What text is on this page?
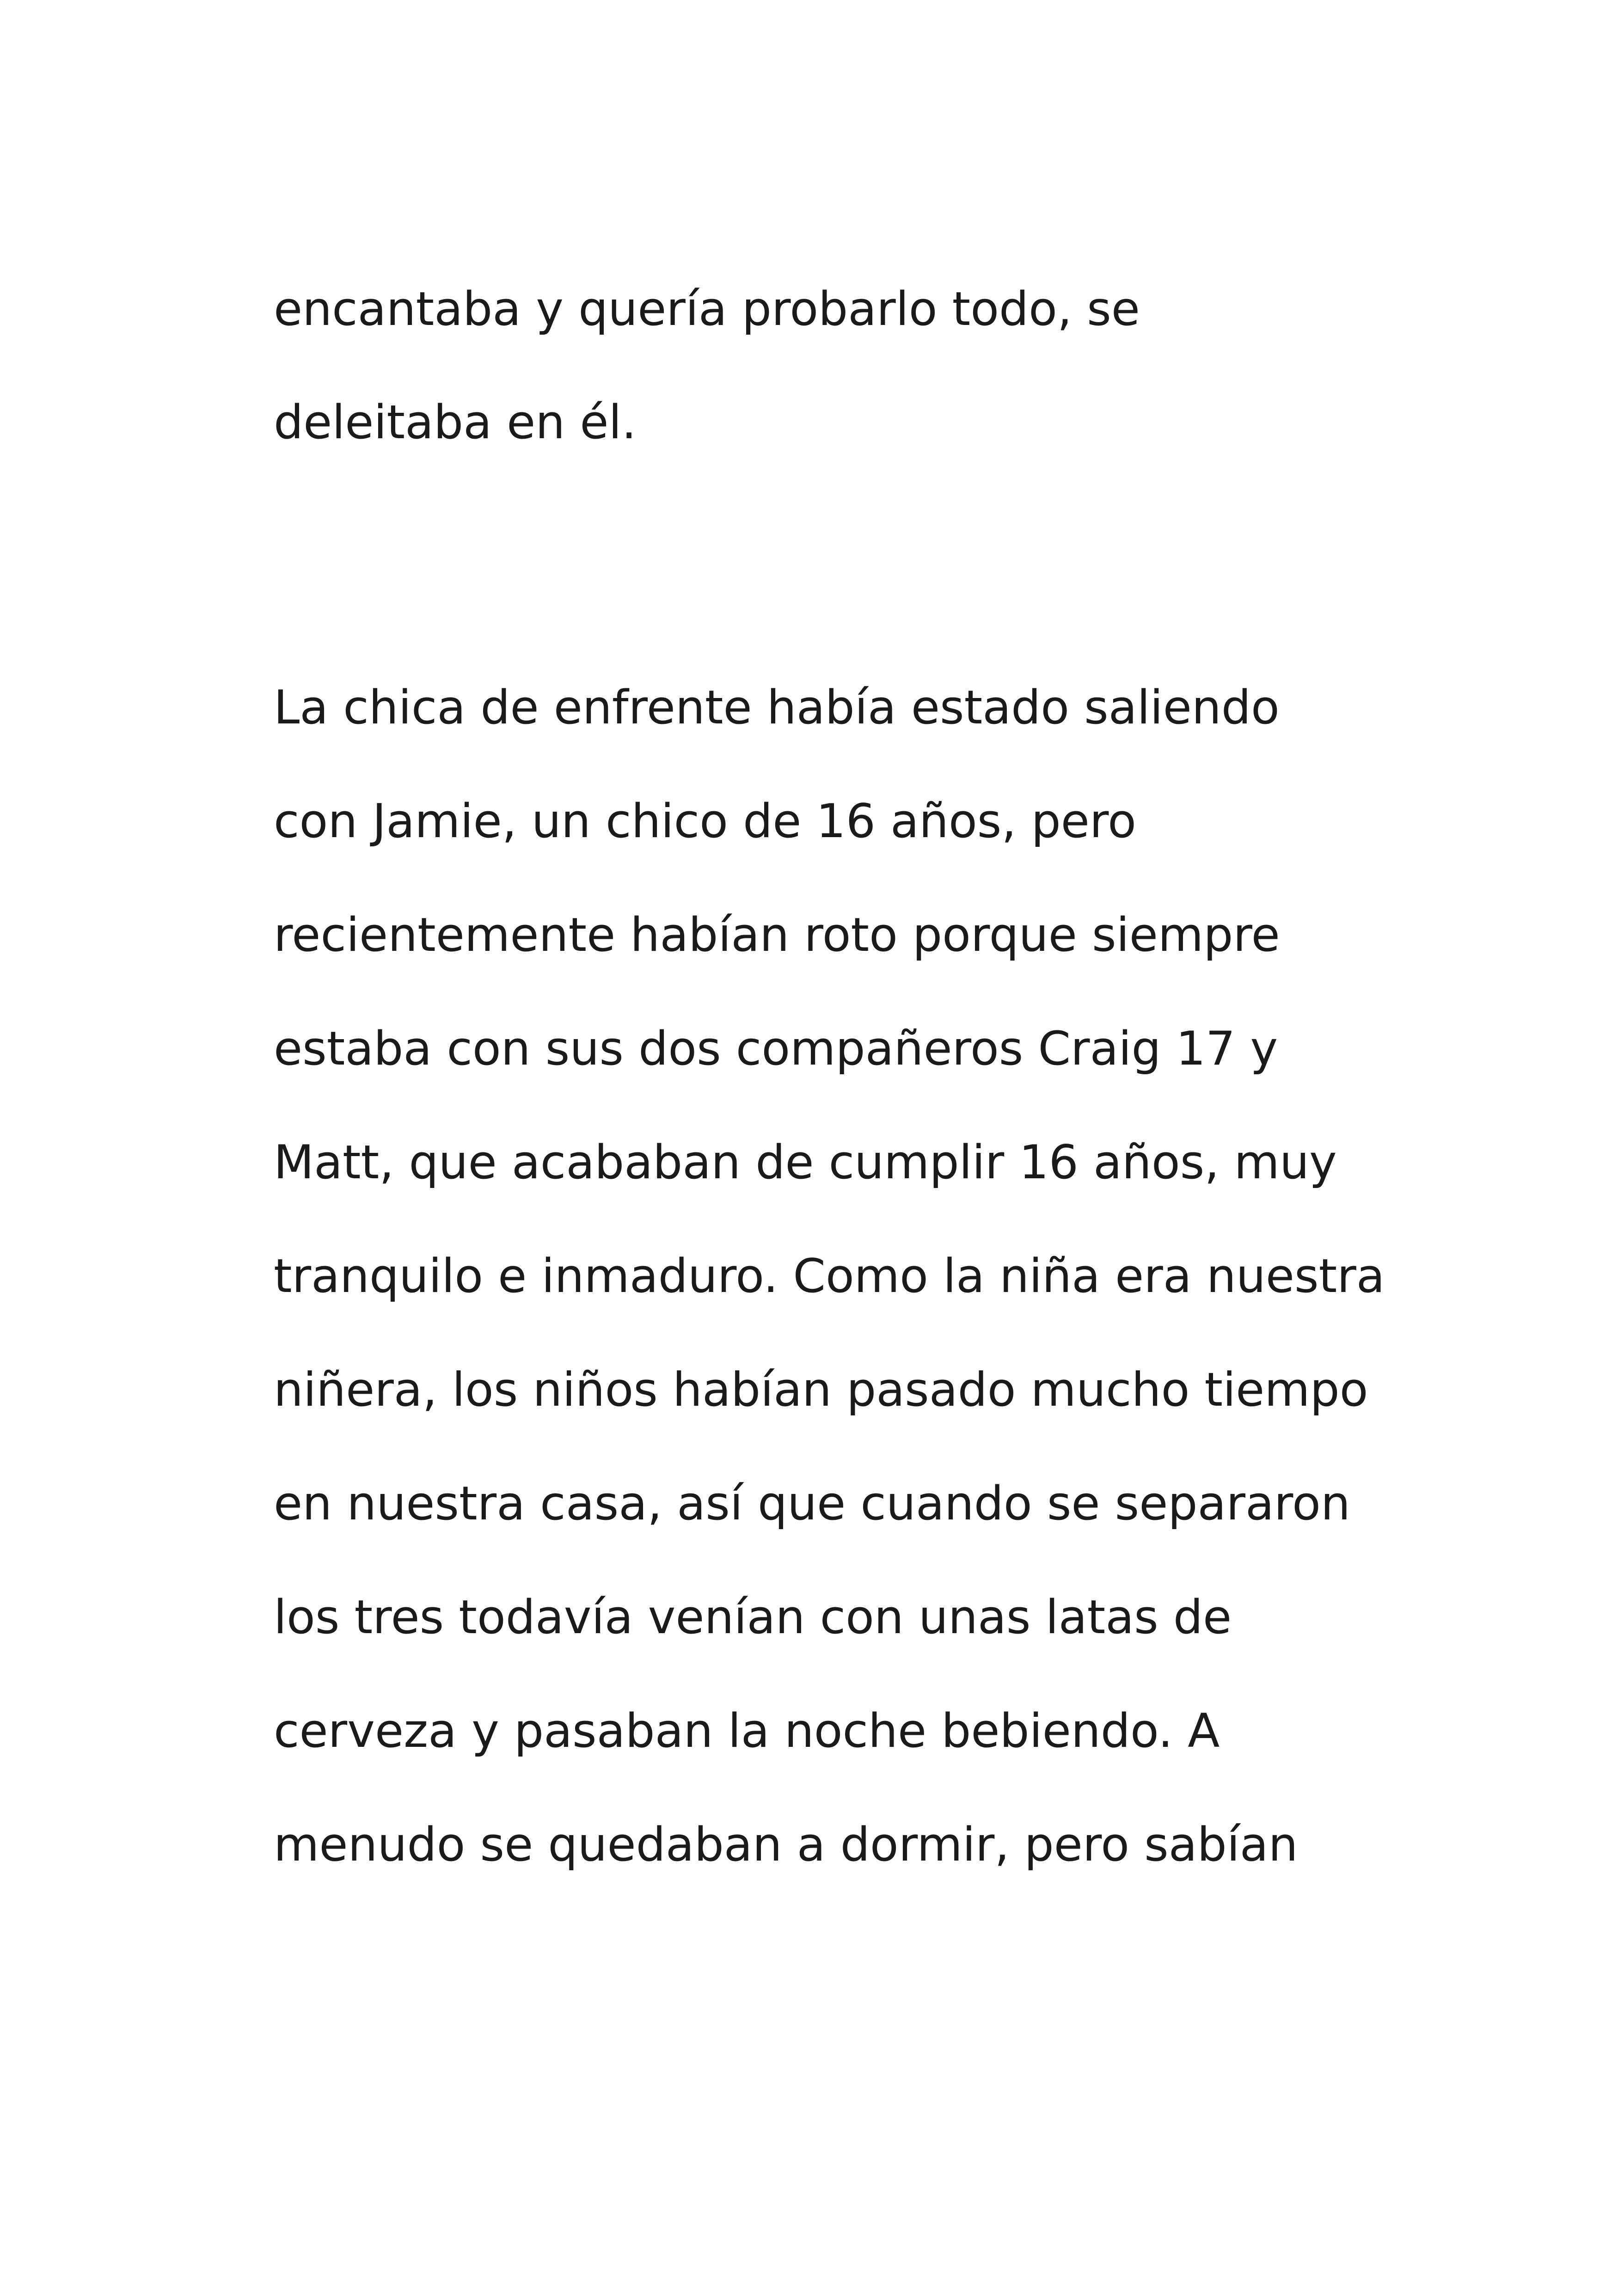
encantaba y quería probarlo todo, se

deleitaba en él.

La chica de enfrente había estado saliendo

con Jamie, un chico de 16 años, pero

recientemente habían roto porque siempre

estaba con sus dos compañeros Craig 17 y

Matt, que acababan de cumplir 16 años, muy

tranquilo e inmaduro. Como la niña era nuestra

niñera, los niños habían pasado mucho tiempo

en nuestra casa, así que cuando se separaron

los tres todavía venían con unas latas de

cerveza y pasaban la noche bebiendo. A

menudo se quedaban a dormir, pero sabían
